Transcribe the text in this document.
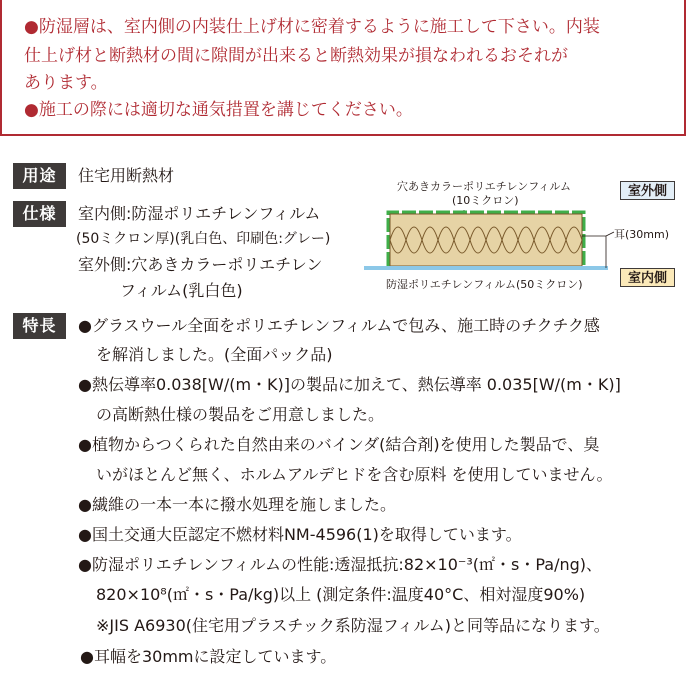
●防湿層は、室内側の内装仕上げ材に密着するように施工して下さい。内装
仕上げ材と断熱材の間に隙間が出来ると断熱効果が損なわれるおそれが
あります。
●施工の際には適切な通気措置を講じてください。
用途	住宅用断熱材
仕様	室内側:防湿ポリエチレンフィルム
(50ミクロン厚)(乳白色、印刷色:グレー)
室外側:穴あきカラーポリエチレン
フィルム(乳白色)
穴あきカラーポリエチレンフィルム
(10ミクロン)
室外側
耳(30mm)
室内側
防湿ポリエチレンフィルム(50ミクロン)
特長	●グラスウール全面をポリエチレンフィルムで包み、施工時のチクチク感
を解消しました。(全面パック品)
●熱伝導率0.038[W/(m・K)]の製品に加えて、熱伝導率 0.035[W/(m・K)]
の高断熱仕様の製品をご用意しました。
●植物からつくられた自然由来のバインダ(結合剤)を使用した製品で、臭
いがほとんど無く、ホルムアルデヒドを含む原料 を使用していません。
●繊維の一本一本に撥水処理を施しました。
●国土交通大臣認定不燃材料NM-4596(1)を取得しています。
●防湿ポリエチレンフィルムの性能:透湿抵抗:82×10⁻³(㎡・s・Pa/ng)、
820×10⁸(㎡・s・Pa/kg)以上 (測定条件:温度40°C、相対湿度90%)
※JIS A6930(住宅用プラスチック系防湿フィルム)と同等品になります。
●耳幅を30mmに設定しています。
